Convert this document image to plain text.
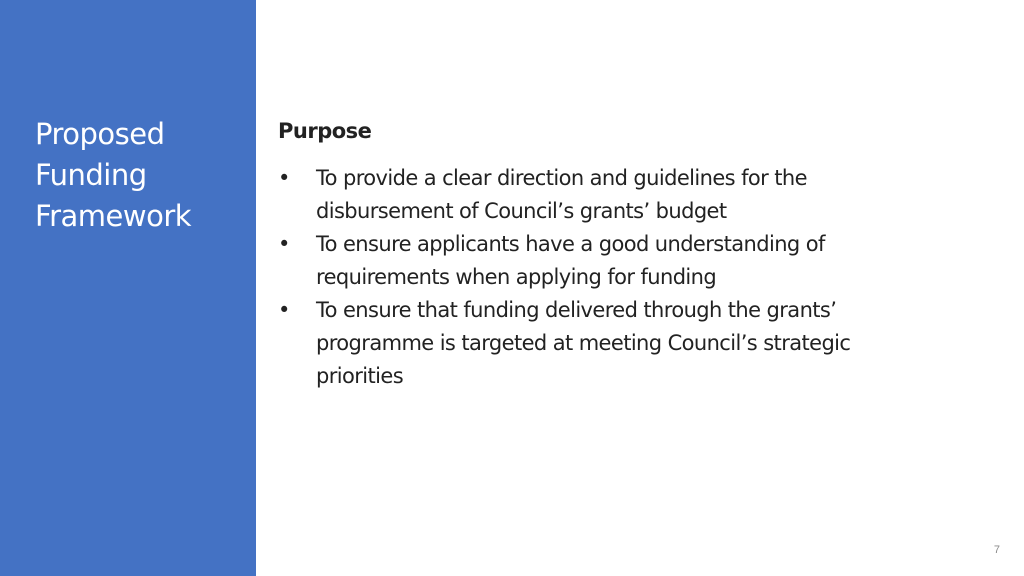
Proposed
Funding
Framework
Purpose
•	To provide a clear direction and guidelines for the disbursement of Council’s grants’ budget
•	To ensure applicants have a good understanding of requirements when applying for funding
•	To ensure that funding delivered through the grants’ programme is targeted at meeting Council’s strategic priorities
7
